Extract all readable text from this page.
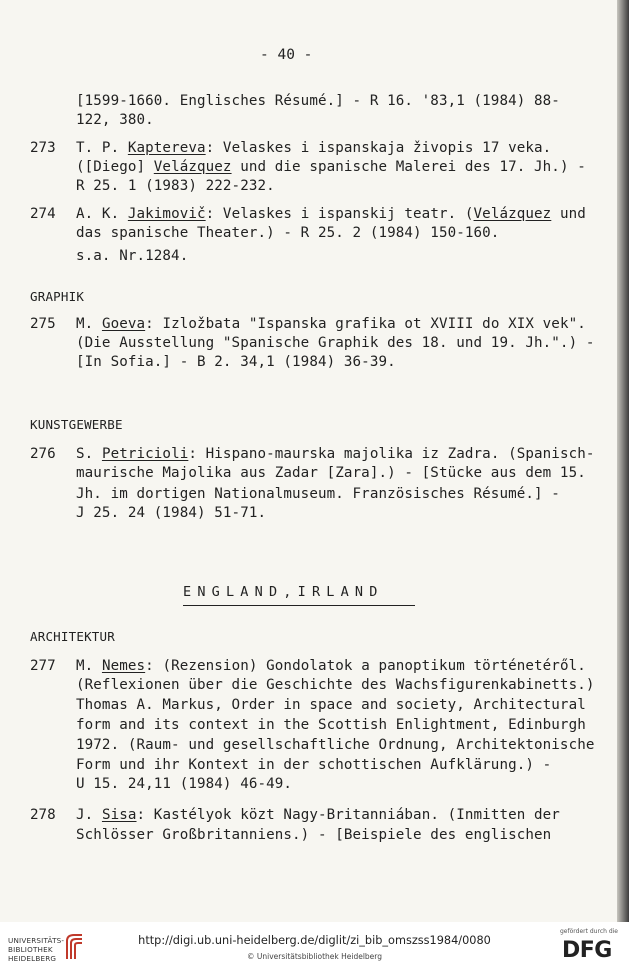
- 40 -
[1599-1660. Englisches Résumé.] - R 16. '83,1 (1984) 88-
122, 380.
273 T. P. Kaptereva: Velaskes i ispanskaja živopis 17 veka.
([Diego] Velázquez und die spanische Malerei des 17. Jh.) -
R 25. 1 (1983) 222-232.
274 A. K. Jakimovič: Velaskes i ispanskij teatr. (Velázquez und
das spanische Theater.) - R 25. 2 (1984) 150-160.
s.a. Nr.1284.
GRAPHIK
275 M. Goeva: Izložbata "Ispanska grafika ot XVIII do XIX vek".
(Die Ausstellung "Spanische Graphik des 18. und 19. Jh.".) -
[In Sofia.] - B 2. 34,1 (1984) 36-39.
KUNSTGEWERBE
276 S. Petricioli: Hispano-maurska majolika iz Zadra. (Spanisch-
maurische Majolika aus Zadar [Zara].) - [Stücke aus dem 15.
Jh. im dortigen Nationalmuseum. Französisches Résumé.] -
J 25. 24 (1984) 51-71.
ENGLAND,IRLAND
ARCHITEKTUR
277 M. Nemes: (Rezension) Gondolatok a panoptikum történetéről.
(Reflexionen über die Geschichte des Wachsfigurenkabinetts.)
Thomas A. Markus, Order in space and society, Architectural
form and its context in the Scottish Enlightment, Edinburgh
1972. (Raum- und gesellschaftliche Ordnung, Architektonische
Form und ihr Kontext in der schottischen Aufklärung.) -
U 15. 24,11 (1984) 46-49.
278 J. Sisa: Kastélyok közt Nagy-Britanniában. (Inmitten der
Schlösser Großbritanniens.) - [Beispiele des englischen
UNIVERSITÄTS-
BIBLIOTHEK
HEIDELBERG
http://digi.ub.uni-heidelberg.de/diglit/zi_bib_omszss1984/0080
© Universitätsbibliothek Heidelberg
gefördert durch die
DFG
